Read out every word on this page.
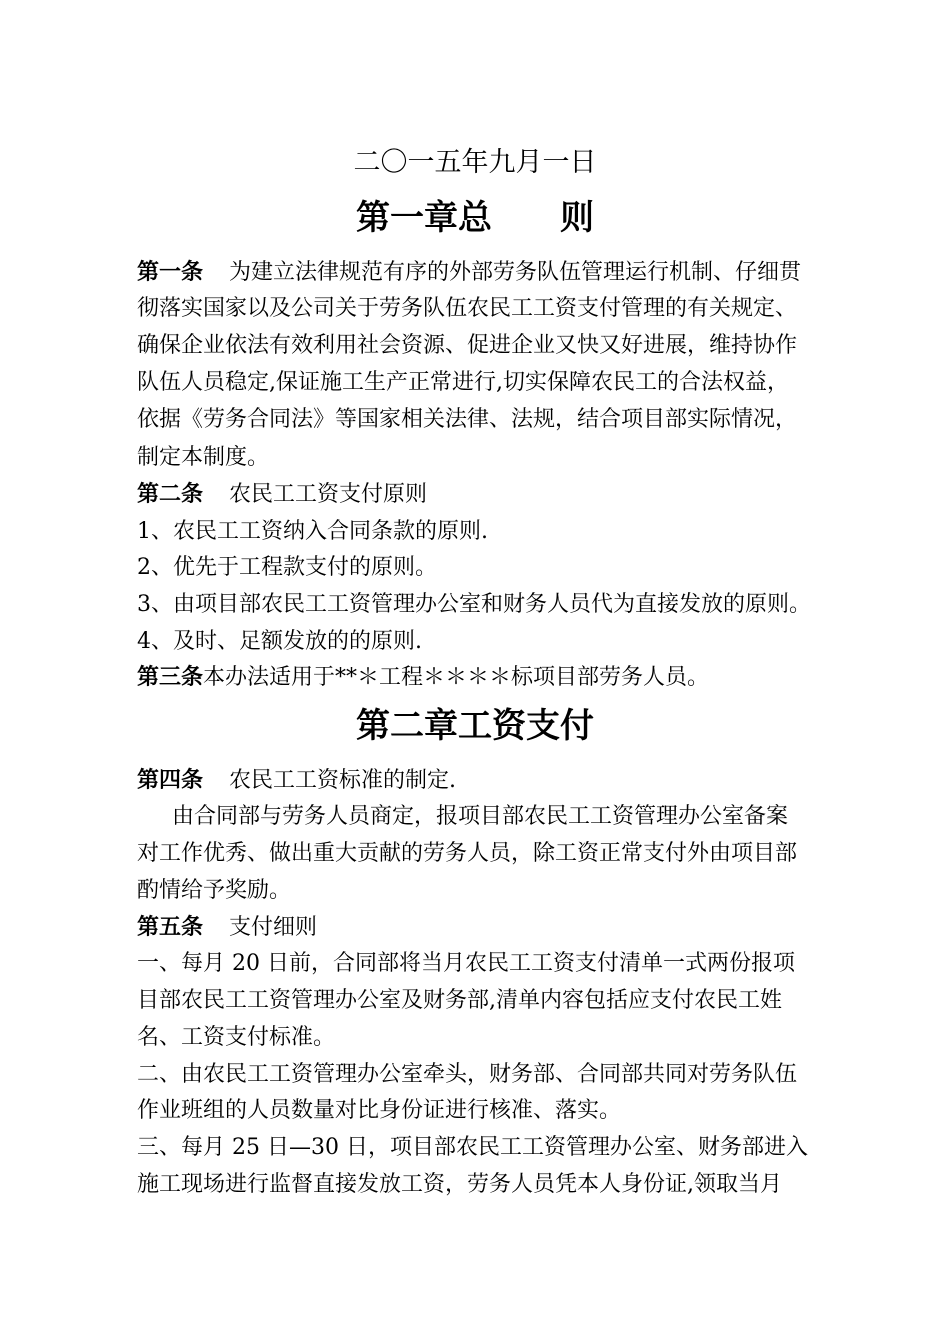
二〇一五年九月一日
第一章总　　则
第一条 为建立法律规范有序的外部劳务队伍管理运行机制、仔细贯
彻落实国家以及公司关于劳务队伍农民工工资支付管理的有关规定、
确保企业依法有效利用社会资源、促进企业又快又好进展，维持协作
队伍人员稳定,保证施工生产正常进行,切实保障农民工的合法权益，
依据《劳务合同法》等国家相关法律、法规，结合项目部实际情况，
制定本制度。
第二条 农民工工资支付原则
1、农民工工资纳入合同条款的原则.
2、优先于工程款支付的原则。
3、由项目部农民工工资管理办公室和财务人员代为直接发放的原则。
4、及时、足额发放的的原则.
第三条本办法适用于**＊工程＊＊＊＊标项目部劳务人员。
第二章工资支付
第四条 农民工工资标准的制定.
由合同部与劳务人员商定，报项目部农民工工资管理办公室备案
对工作优秀、做出重大贡献的劳务人员，除工资正常支付外由项目部
酌情给予奖励。
第五条 支付细则
一、每月 20 日前，合同部将当月农民工工资支付清单一式两份报项
目部农民工工资管理办公室及财务部,清单内容包括应支付农民工姓
名、工资支付标准。
二、由农民工工资管理办公室牵头，财务部、合同部共同对劳务队伍
作业班组的人员数量对比身份证进行核准、落实。
三、每月 25 日—30 日，项目部农民工工资管理办公室、财务部进入
施工现场进行监督直接发放工资，劳务人员凭本人身份证,领取当月
